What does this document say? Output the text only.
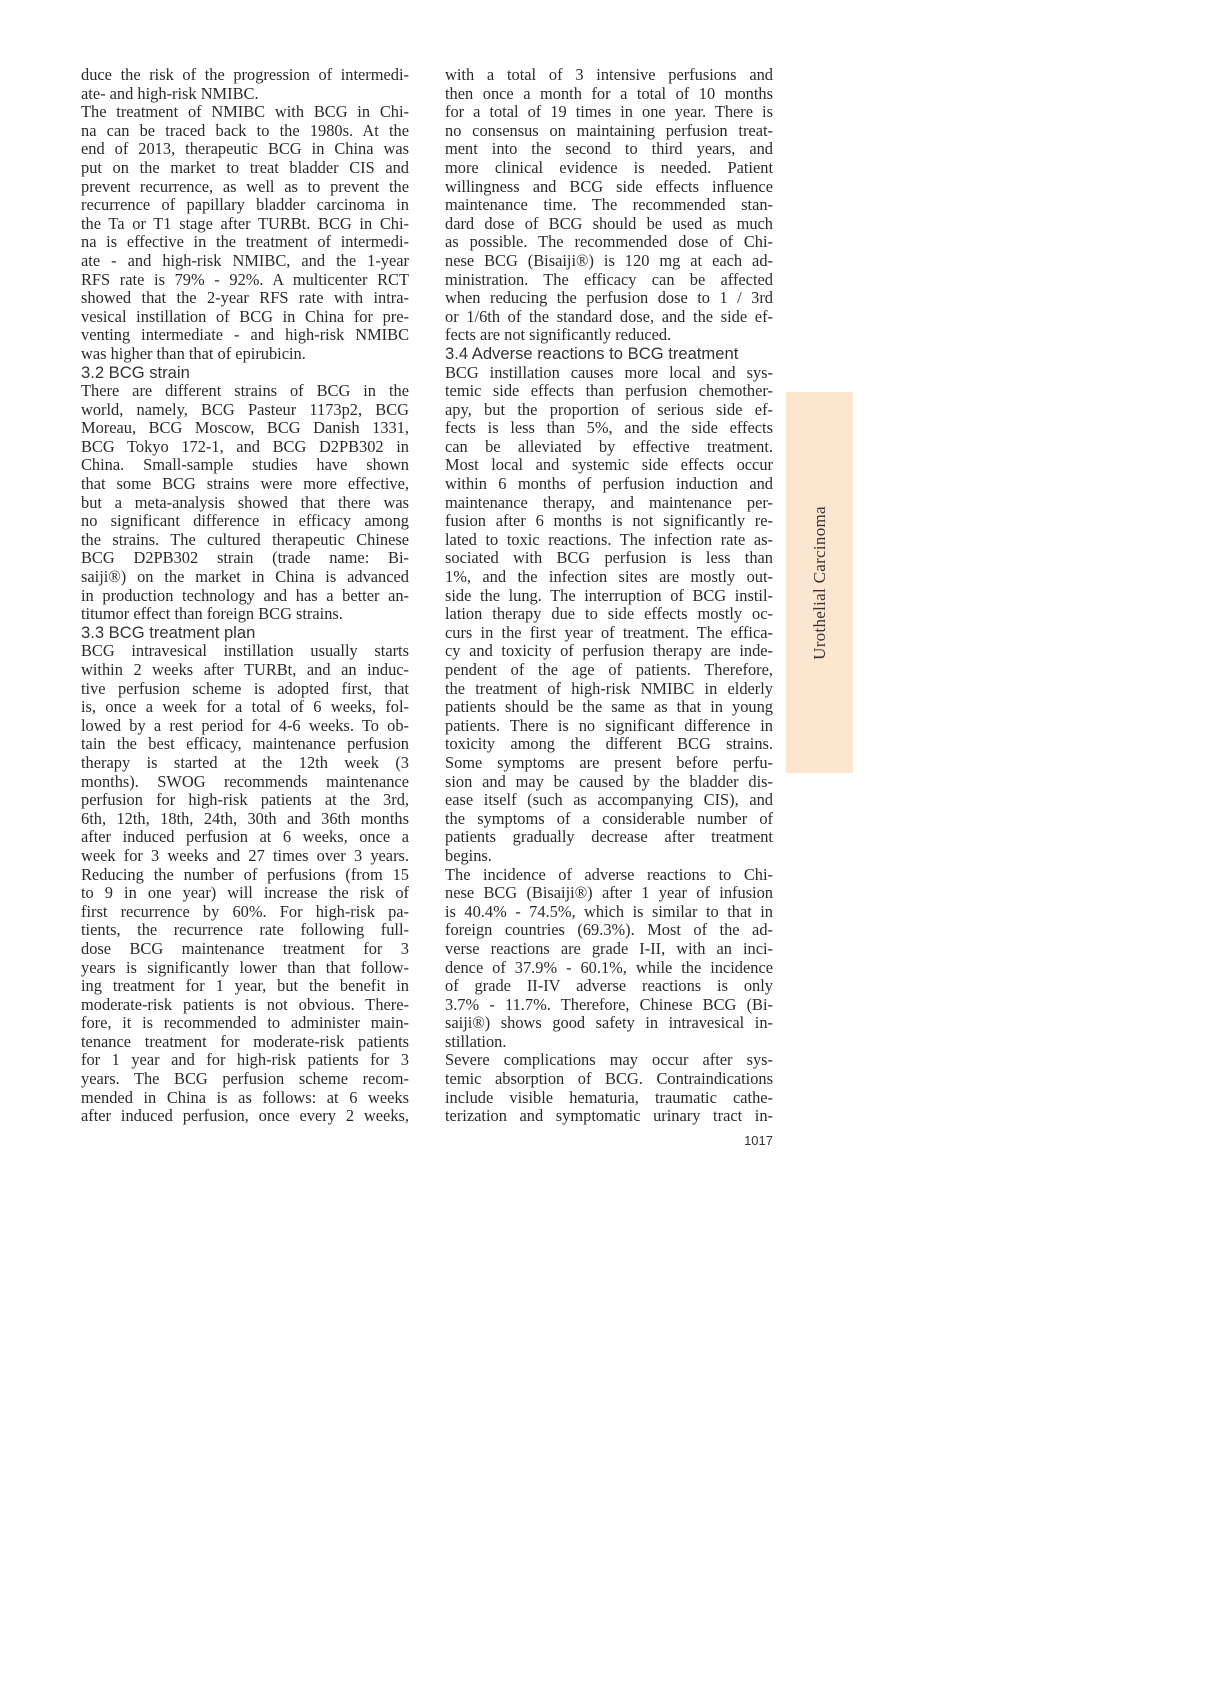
duce the risk of the progression of intermedi-
ate- and high-risk NMIBC.
The treatment of NMIBC with BCG in Chi-
na can be traced back to the 1980s. At the
end of 2013, therapeutic BCG in China was
put on the market to treat bladder CIS and
prevent recurrence, as well as to prevent the
recurrence of papillary bladder carcinoma in
the Ta or T1 stage after TURBt. BCG in Chi-
na is effective in the treatment of intermedi-
ate - and high-risk NMIBC, and the 1-year
RFS rate is 79% - 92%. A multicenter RCT
showed that the 2-year RFS rate with intra-
vesical instillation of BCG in China for pre-
venting intermediate - and high-risk NMIBC
was higher than that of epirubicin.
3.2 BCG strain
There are different strains of BCG in the
world, namely, BCG Pasteur 1173p2, BCG
Moreau, BCG Moscow, BCG Danish 1331,
BCG Tokyo 172-1, and BCG D2PB302 in
China. Small-sample studies have shown
that some BCG strains were more effective,
but a meta-analysis showed that there was
no significant difference in efficacy among
the strains. The cultured therapeutic Chinese
BCG D2PB302 strain (trade name: Bi-
saiji®) on the market in China is advanced
in production technology and has a better an-
titumor effect than foreign BCG strains.
3.3 BCG treatment plan
BCG intravesical instillation usually starts
within 2 weeks after TURBt, and an induc-
tive perfusion scheme is adopted first, that
is, once a week for a total of 6 weeks, fol-
lowed by a rest period for 4-6 weeks. To ob-
tain the best efficacy, maintenance perfusion
therapy is started at the 12th week (3
months). SWOG recommends maintenance
perfusion for high-risk patients at the 3rd,
6th, 12th, 18th, 24th, 30th and 36th months
after induced perfusion at 6 weeks, once a
week for 3 weeks and 27 times over 3 years.
Reducing the number of perfusions (from 15
to 9 in one year) will increase the risk of
first recurrence by 60%. For high-risk pa-
tients, the recurrence rate following full-
dose BCG maintenance treatment for 3
years is significantly lower than that follow-
ing treatment for 1 year, but the benefit in
moderate-risk patients is not obvious. There-
fore, it is recommended to administer main-
tenance treatment for moderate-risk patients
for 1 year and for high-risk patients for 3
years. The BCG perfusion scheme recom-
mended in China is as follows: at 6 weeks
after induced perfusion, once every 2 weeks,
with a total of 3 intensive perfusions and
then once a month for a total of 10 months
for a total of 19 times in one year. There is
no consensus on maintaining perfusion treat-
ment into the second to third years, and
more clinical evidence is needed. Patient
willingness and BCG side effects influence
maintenance time. The recommended stan-
dard dose of BCG should be used as much
as possible. The recommended dose of Chi-
nese BCG (Bisaiji®) is 120 mg at each ad-
ministration. The efficacy can be affected
when reducing the perfusion dose to 1 / 3rd
or 1/6th of the standard dose, and the side ef-
fects are not significantly reduced.
3.4 Adverse reactions to BCG treatment
BCG instillation causes more local and sys-
temic side effects than perfusion chemother-
apy, but the proportion of serious side ef-
fects is less than 5%, and the side effects
can be alleviated by effective treatment.
Most local and systemic side effects occur
within 6 months of perfusion induction and
maintenance therapy, and maintenance per-
fusion after 6 months is not significantly re-
lated to toxic reactions. The infection rate as-
sociated with BCG perfusion is less than
1%, and the infection sites are mostly out-
side the lung. The interruption of BCG instil-
lation therapy due to side effects mostly oc-
curs in the first year of treatment. The effica-
cy and toxicity of perfusion therapy are inde-
pendent of the age of patients. Therefore,
the treatment of high-risk NMIBC in elderly
patients should be the same as that in young
patients. There is no significant difference in
toxicity among the different BCG strains.
Some symptoms are present before perfu-
sion and may be caused by the bladder dis-
ease itself (such as accompanying CIS), and
the symptoms of a considerable number of
patients gradually decrease after treatment
begins.
The incidence of adverse reactions to Chi-
nese BCG (Bisaiji®) after 1 year of infusion
is 40.4% - 74.5%, which is similar to that in
foreign countries (69.3%). Most of the ad-
verse reactions are grade I-II, with an inci-
dence of 37.9% - 60.1%, while the incidence
of grade II-IV adverse reactions is only
3.7% - 11.7%. Therefore, Chinese BCG (Bi-
saiji®) shows good safety in intravesical in-
stillation.
Severe complications may occur after sys-
temic absorption of BCG. Contraindications
include visible hematuria, traumatic cathe-
terization and symptomatic urinary tract in-
Urothelial Carcinoma
1017
